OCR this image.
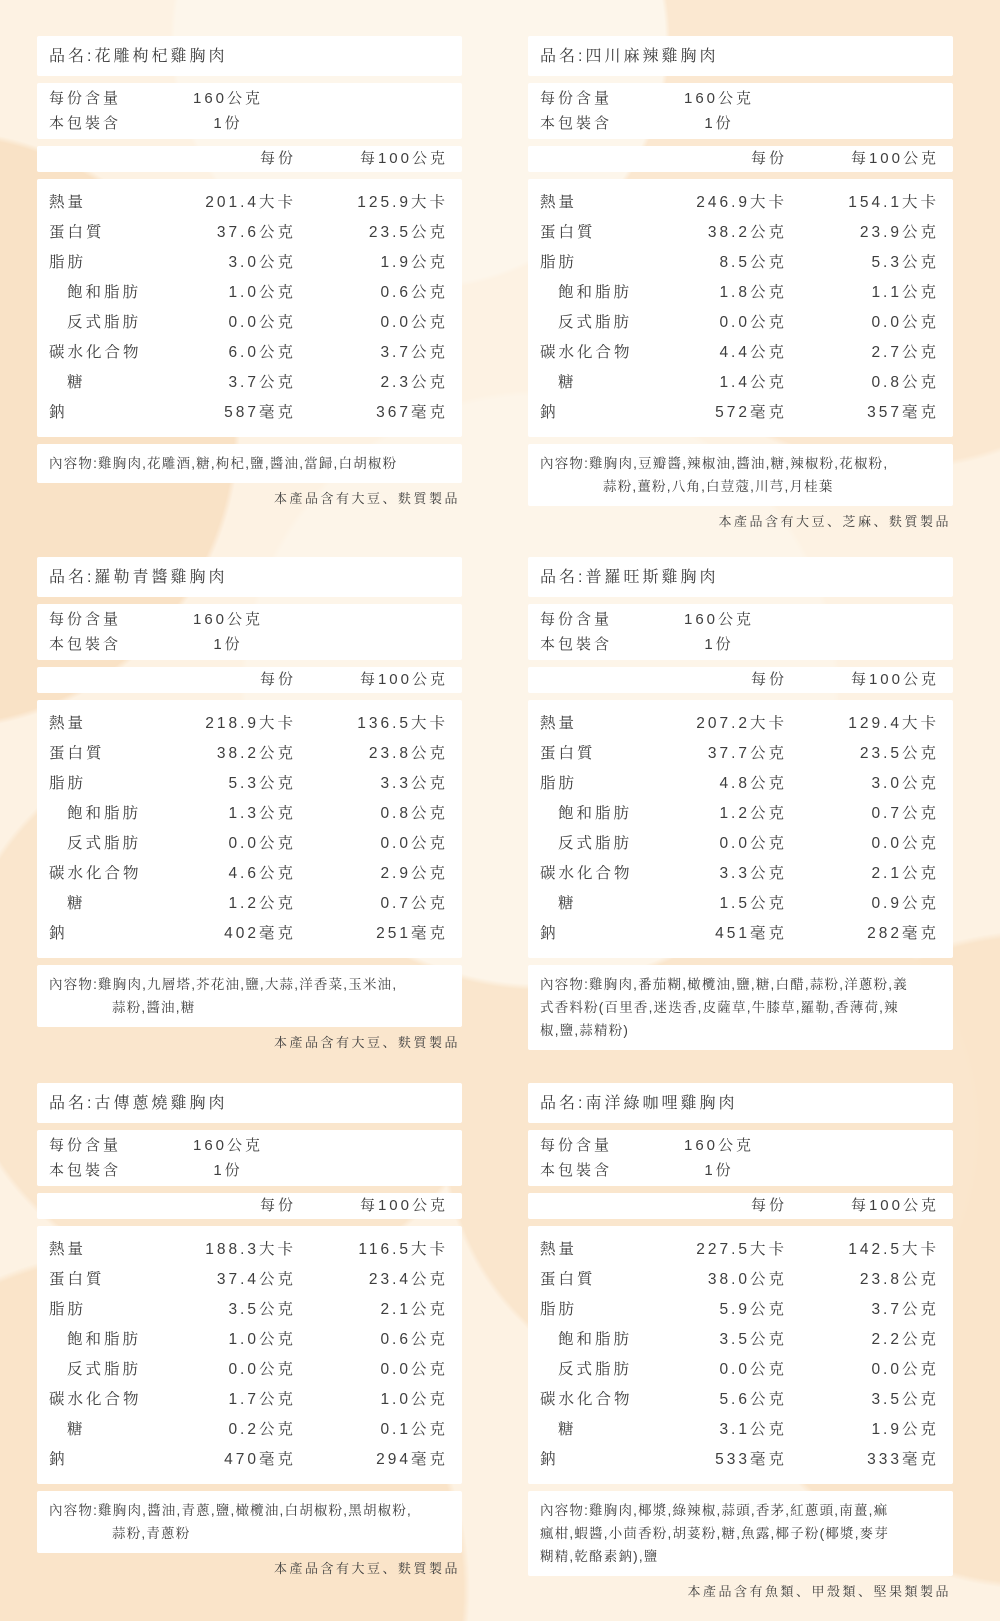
品名:花雕枸杞雞胸肉
每份含量	160公克
本包裝含	1份
每份	每100公克
熱量	201.4大卡	125.9大卡
蛋白質	37.6公克	23.5公克
脂肪	3.0公克	1.9公克
飽和脂肪	1.0公克	0.6公克
反式脂肪	0.0公克	0.0公克
碳水化合物	6.0公克	3.7公克
糖	3.7公克	2.3公克
鈉	587毫克	367毫克
內容物:雞胸肉,花雕酒,糖,枸杞,鹽,醬油,當歸,白胡椒粉
本產品含有大豆、麩質製品
品名:四川麻辣雞胸肉
每份含量	160公克
本包裝含	1份
每份	每100公克
熱量	246.9大卡	154.1大卡
蛋白質	38.2公克	23.9公克
脂肪	8.5公克	5.3公克
飽和脂肪	1.8公克	1.1公克
反式脂肪	0.0公克	0.0公克
碳水化合物	4.4公克	2.7公克
糖	1.4公克	0.8公克
鈉	572毫克	357毫克
內容物:雞胸肉,豆瓣醬,辣椒油,醬油,糖,辣椒粉,花椒粉,
蒜粉,薑粉,八角,白荳蔻,川芎,月桂葉
本產品含有大豆、芝麻、麩質製品
品名:羅勒青醬雞胸肉
每份含量	160公克
本包裝含	1份
每份	每100公克
熱量	218.9大卡	136.5大卡
蛋白質	38.2公克	23.8公克
脂肪	5.3公克	3.3公克
飽和脂肪	1.3公克	0.8公克
反式脂肪	0.0公克	0.0公克
碳水化合物	4.6公克	2.9公克
糖	1.2公克	0.7公克
鈉	402毫克	251毫克
內容物:雞胸肉,九層塔,芥花油,鹽,大蒜,洋香菜,玉米油,
蒜粉,醬油,糖
本產品含有大豆、麩質製品
品名:普羅旺斯雞胸肉
每份含量	160公克
本包裝含	1份
每份	每100公克
熱量	207.2大卡	129.4大卡
蛋白質	37.7公克	23.5公克
脂肪	4.8公克	3.0公克
飽和脂肪	1.2公克	0.7公克
反式脂肪	0.0公克	0.0公克
碳水化合物	3.3公克	2.1公克
糖	1.5公克	0.9公克
鈉	451毫克	282毫克
內容物:雞胸肉,番茄糊,橄欖油,鹽,糖,白醋,蒜粉,洋蔥粉,義
式香料粉(百里香,迷迭香,皮薩草,牛膝草,羅勒,香薄荷,辣
椒,鹽,蒜精粉)
品名:古傳蔥燒雞胸肉
每份含量	160公克
本包裝含	1份
每份	每100公克
熱量	188.3大卡	116.5大卡
蛋白質	37.4公克	23.4公克
脂肪	3.5公克	2.1公克
飽和脂肪	1.0公克	0.6公克
反式脂肪	0.0公克	0.0公克
碳水化合物	1.7公克	1.0公克
糖	0.2公克	0.1公克
鈉	470毫克	294毫克
內容物:雞胸肉,醬油,青蔥,鹽,橄欖油,白胡椒粉,黑胡椒粉,
蒜粉,青蔥粉
本產品含有大豆、麩質製品
品名:南洋綠咖哩雞胸肉
每份含量	160公克
本包裝含	1份
每份	每100公克
熱量	227.5大卡	142.5大卡
蛋白質	38.0公克	23.8公克
脂肪	5.9公克	3.7公克
飽和脂肪	3.5公克	2.2公克
反式脂肪	0.0公克	0.0公克
碳水化合物	5.6公克	3.5公克
糖	3.1公克	1.9公克
鈉	533毫克	333毫克
內容物:雞胸肉,椰漿,綠辣椒,蒜頭,香茅,紅蔥頭,南薑,痲
瘋柑,蝦醬,小茴香粉,胡荽粉,糖,魚露,椰子粉(椰漿,麥芽
糊精,乾酪素鈉),鹽
本產品含有魚類、甲殼類、堅果類製品
